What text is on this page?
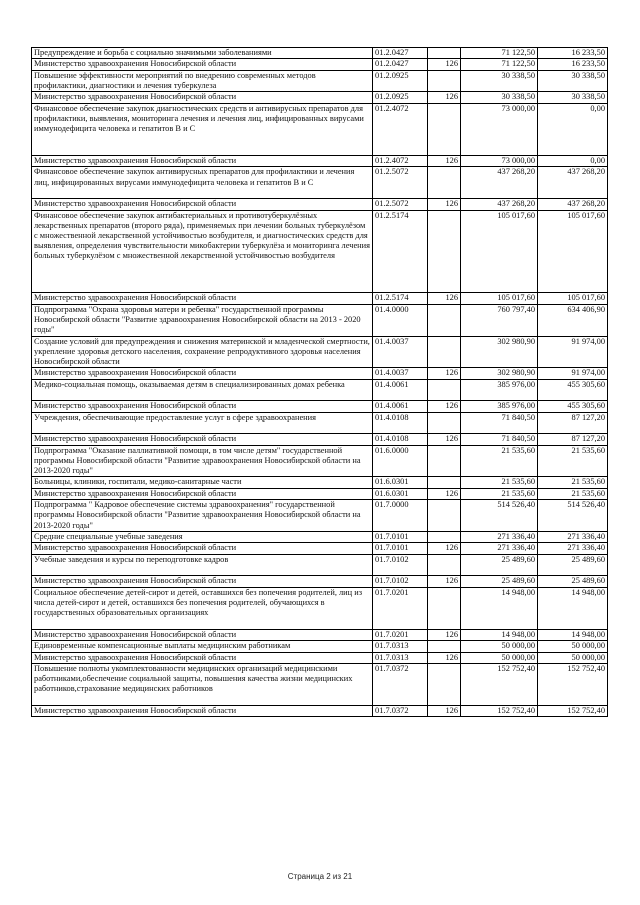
Предупреждение и борьба с социально значимыми заболеваниями	01.2.0427		71 122,50	16 233,50
Министерство здравоохранения Новосибирской области	01.2.0427	126	71 122,50	16 233,50
Повышение эффективности мероприятий по внедрению современных методов профилактики, диагностики и лечения туберкулеза	01.2.0925		30 338,50	30 338,50
Министерство здравоохранения Новосибирской области	01.2.0925	126	30 338,50	30 338,50
Финансовое обеспечение закупок диагностических средств и антивирусных препаратов для профилактики, выявления, мониторинга лечения и лечения лиц, инфицированных вирусами иммунодефицита человека и гепатитов В и С	01.2.4072		73 000,00	0,00
Министерство здравоохранения Новосибирской области	01.2.4072	126	73 000,00	0,00
Финансовое обеспечение закупок антивирусных препаратов для профилактики и лечения лиц, инфицированных вирусами иммунодефицита человека и гепатитов В и С	01.2.5072		437 268,20	437 268,20
Министерство здравоохранения Новосибирской области	01.2.5072	126	437 268,20	437 268,20
Финансовое обеспечение закупок антибактериальных и противотуберкулёзных лекарственных препаратов (второго ряда), применяемых при лечении больных туберкулёзом с множественной лекарственной устойчивостью возбудителя, и диагностических средств для выявления, определения чувствительности микобактерии туберкулёза и мониторинга лечения больных туберкулёзом с множественной лекарственной устойчивостью возбудителя	01.2.5174		105 017,60	105 017,60
Министерство здравоохранения Новосибирской области	01.2.5174	126	105 017,60	105 017,60
Подпрограмма "Охрана здоровья матери и ребенка" государственной программы Новосибирской области "Развитие здравоохранения Новосибирской области на 2013 - 2020 годы"	01.4.0000		760 797,40	634 406,90
Создание условий для предупреждения и снижения материнской и младенческой смертности, укрепление здоровья детского населения, сохранение репродуктивного здоровья населения Новосибирской области	01.4.0037		302 980,90	91 974,00
Министерство здравоохранения Новосибирской области	01.4.0037	126	302 980,90	91 974,00
Медико-социальная помощь, оказываемая детям в специализированных домах ребенка	01.4.0061		385 976,00	455 305,60
Министерство здравоохранения Новосибирской области	01.4.0061	126	385 976,00	455 305,60
Учреждения, обеспечивающие предоставление услуг в сфере здравоохранения	01.4.0108		71 840,50	87 127,20
Министерство здравоохранения Новосибирской области	01.4.0108	126	71 840,50	87 127,20
Подпрограмма "Оказание паллиативной помощи, в том числе детям" государственной программы Новосибирской области "Развитие здравоохранения Новосибирской области на 2013-2020 годы"	01.6.0000		21 535,60	21 535,60
Больницы, клиники, госпитали, медико-санитарные части	01.6.0301		21 535,60	21 535,60
Министерство здравоохранения Новосибирской области	01.6.0301	126	21 535,60	21 535,60
Подпрограмма " Кадровое обеспечение системы здравоохранения" государственной программы Новосибирской области "Развитие здравоохранения Новосибирской области на 2013-2020 годы"	01.7.0000		514 526,40	514 526,40
Средние специальные учебные заведения	01.7.0101		271 336,40	271 336,40
Министерство здравоохранения Новосибирской области	01.7.0101	126	271 336,40	271 336,40
Учебные заведения и курсы по переподготовке кадров	01.7.0102		25 489,60	25 489,60
Министерство здравоохранения Новосибирской области	01.7.0102	126	25 489,60	25 489,60
Социальное обеспечение детей-сирот и детей, оставшихся без попечения родителей, лиц из числа детей-сирот и детей, оставшихся без попечения родителей, обучающихся в государственных образовательных организациях	01.7.0201		14 948,00	14 948,00
Министерство здравоохранения Новосибирской области	01.7.0201	126	14 948,00	14 948,00
Единовременные компенсационные выплаты медицинским работникам	01.7.0313		50 000,00	50 000,00
Министерство здравоохранения Новосибирской области	01.7.0313	126	50 000,00	50 000,00
Повышение полноты укомплектованности медицинских организаций медицинскими работниками,обеспечение социальной защиты, повышения качества жизни медицинских работников,страхование медицинских работников	01.7.0372		152 752,40	152 752,40
Министерство здравоохранения Новосибирской области	01.7.0372	126	152 752,40	152 752,40
Страница 2 из 21
